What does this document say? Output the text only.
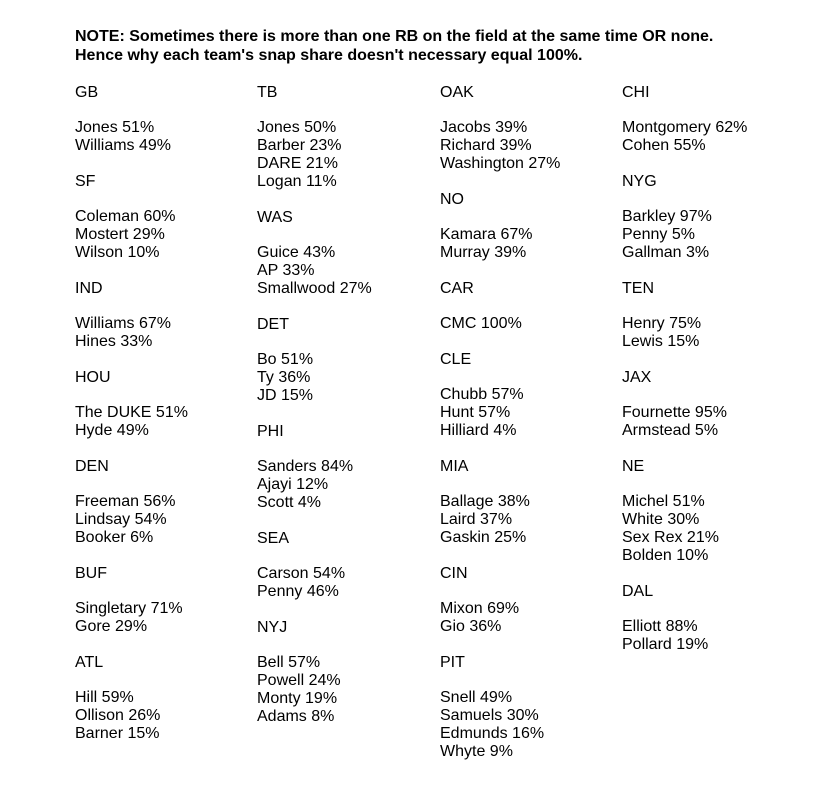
NOTE: Sometimes there is more than one RB on the field at the same time OR none.
Hence why each team's snap share doesn't necessary equal 100%.
GB
Jones 51%
Williams 49%
SF
Coleman 60%
Mostert 29%
Wilson 10%
IND
Williams 67%
Hines 33%
HOU
The DUKE 51%
Hyde 49%
DEN
Freeman 56%
Lindsay 54%
Booker 6%
BUF
Singletary 71%
Gore 29%
ATL
Hill 59%
Ollison 26%
Barner 15%
TB
Jones 50%
Barber 23%
DARE 21%
Logan 11%
WAS
Guice 43%
AP 33%
Smallwood 27%
DET
Bo 51%
Ty 36%
JD 15%
PHI
Sanders 84%
Ajayi 12%
Scott 4%
SEA
Carson 54%
Penny 46%
NYJ
Bell 57%
Powell 24%
Monty 19%
Adams 8%
OAK
Jacobs 39%
Richard 39%
Washington 27%
NO
Kamara 67%
Murray 39%
CAR
CMC 100%
CLE
Chubb 57%
Hunt 57%
Hilliard 4%
MIA
Ballage 38%
Laird 37%
Gaskin 25%
CIN
Mixon 69%
Gio 36%
PIT
Snell 49%
Samuels 30%
Edmunds 16%
Whyte 9%
CHI
Montgomery 62%
Cohen 55%
NYG
Barkley 97%
Penny 5%
Gallman 3%
TEN
Henry 75%
Lewis 15%
JAX
Fournette 95%
Armstead 5%
NE
Michel 51%
White 30%
Sex Rex 21%
Bolden 10%
DAL
Elliott 88%
Pollard 19%
